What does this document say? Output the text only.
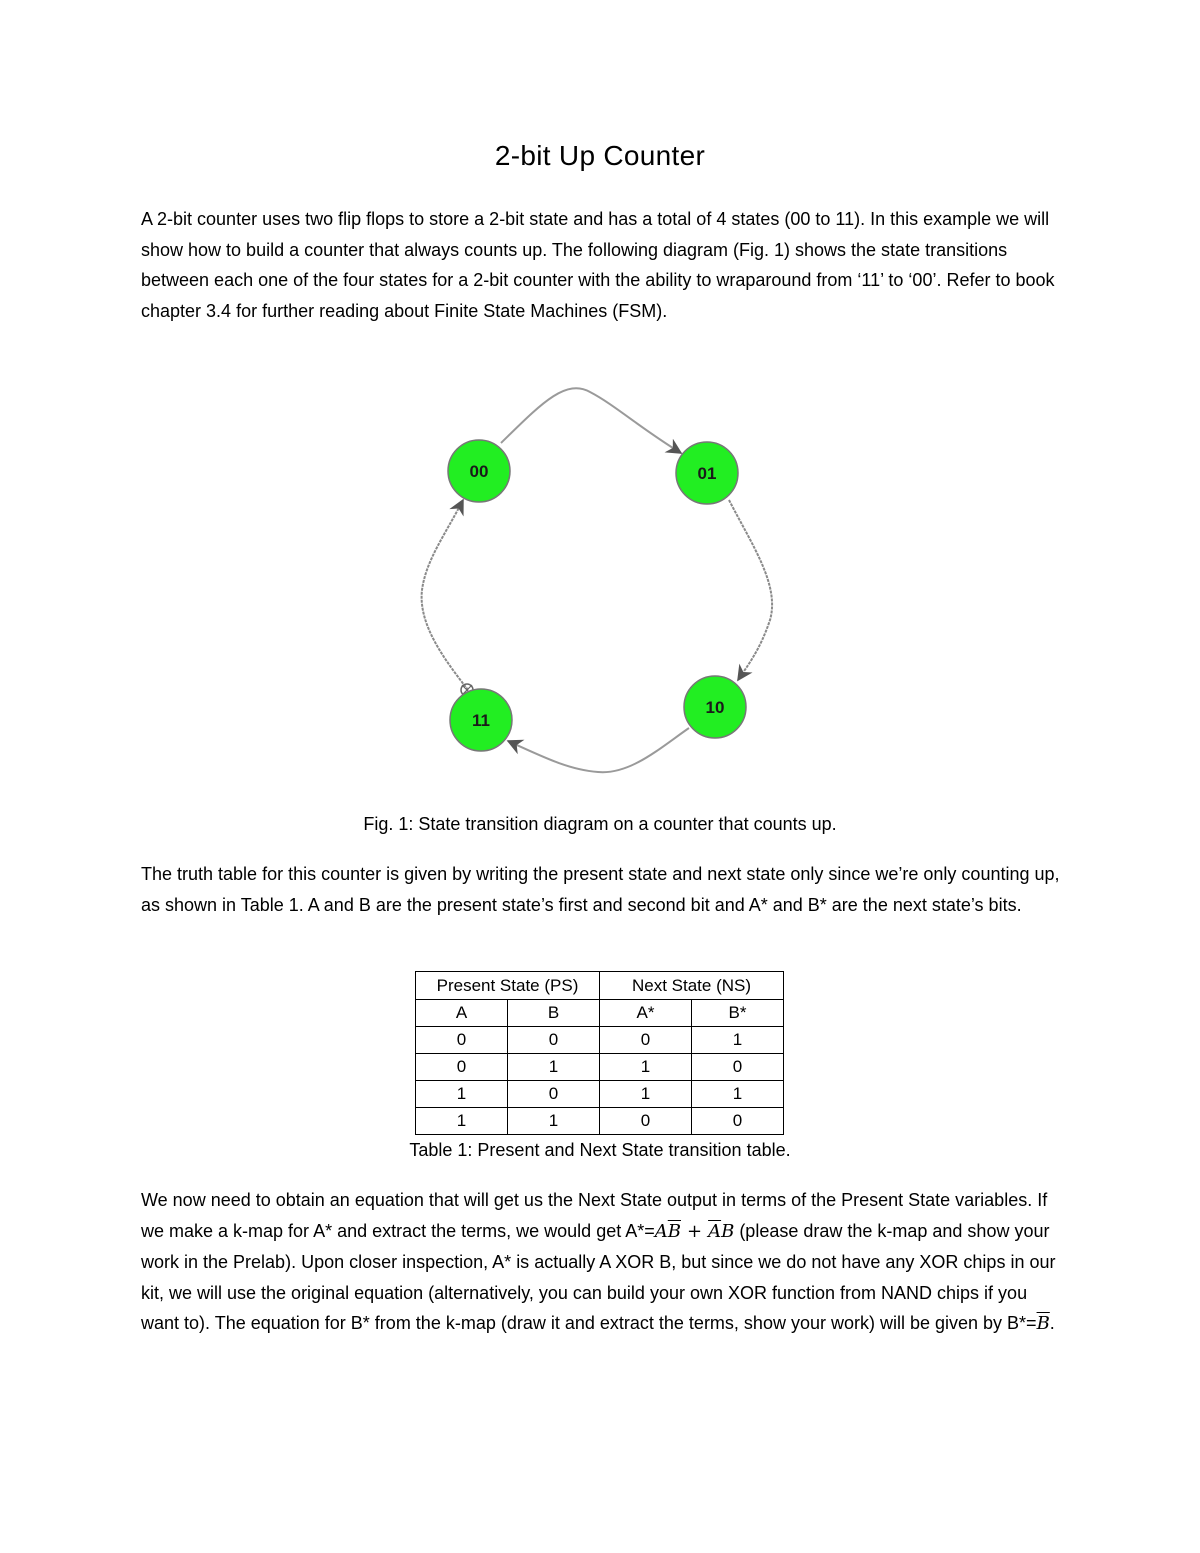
2-bit Up Counter

A 2-bit counter uses two flip flops to store a 2-bit state and has a total of 4 states (00 to 11). In this example we will show how to build a counter that always counts up. The following diagram (Fig. 1) shows the state transitions between each one of the four states for a 2-bit counter with the ability to wraparound from ‘11’ to ‘00’. Refer to book chapter 3.4 for further reading about Finite State Machines (FSM).

00	01
10
11
Fig. 1: State transition diagram on a counter that counts up.

The truth table for this counter is given by writing the present state and next state only since we’re only counting up, as shown in Table 1. A and B are the present state’s first and second bit and A* and B* are the next state’s bits.

Present State (PS)		Next State (NS)	
A	B	A*	B*
0	0	0	1
0	1	1	0
1	0	1	1
1	1	0	0
Table 1: Present and Next State transition table.

We now need to obtain an equation that will get us the Next State output in terms of the Present State variables. If we make a k-map for A* and extract the terms, we would get $A*=A\overline{B} + \overline{A}B$ (please draw the k-map and show your work in the Prelab). Upon closer inspection, A* is actually A XOR B, but since we do not have any XOR chips in our kit, we will use the original equation (alternatively, you can build your own XOR function from NAND chips if you want to). The equation for B* from the k-map (draw it and extract the terms, show your work) will be given by $B*=\overline{B}$.
